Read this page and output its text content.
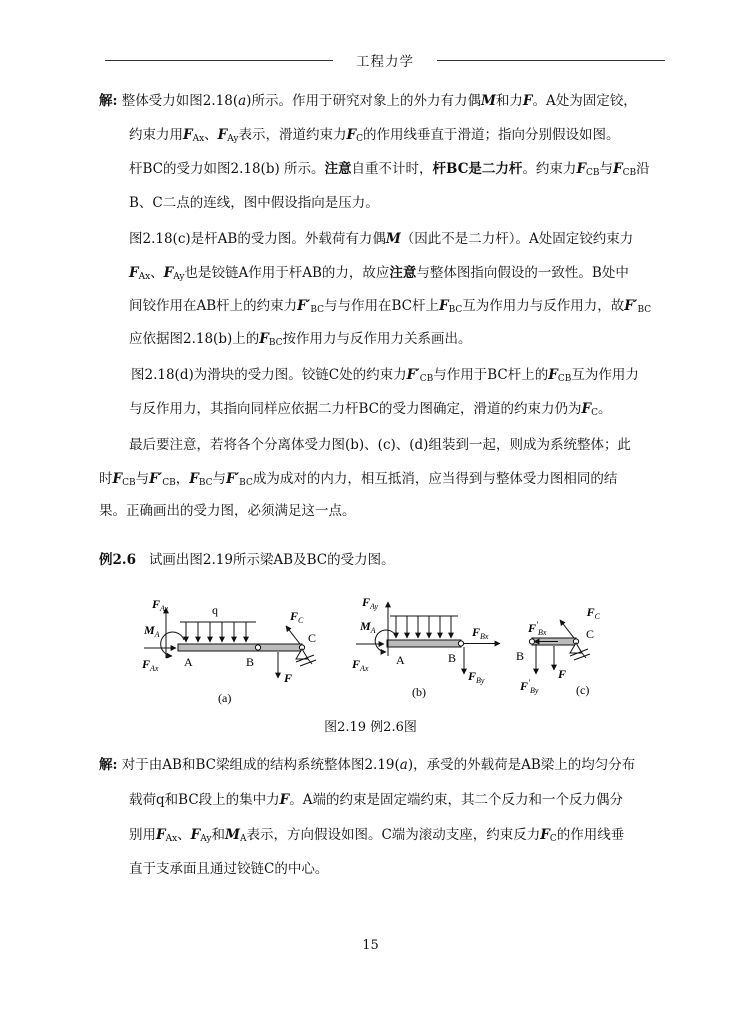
工程力学
解: 整体受力如图2.18(a)所示。作用于研究对象上的外力有力偶M和力F。A处为固定铰，
约束力用$F_{Ax}$、$F_{Ay}$表示，滑道约束力$F_C$的作用线垂直于滑道；指向分别假设如图。
杆BC的受力如图2.18(b) 所示。注意自重不计时，杆BC是二力杆。约束力$F_{CB}$与$F_{CB}$沿
B、C二点的连线，图中假设指向是压力。
图2.18(c)是杆AB的受力图。外载荷有力偶M（因此不是二力杆）。A处固定铰约束力
$F_{Ax}$、$F_{Ay}$也是铰链A作用于杆AB的力，故应注意与整体图指向假设的一致性。B处中
间铰作用在AB杆上的约束力$F'_{BC}$与与作用在BC杆上$F_{BC}$互为作用力与反作用力，故$F'_{BC}$
应依据图2.18(b)上的$F_{BC}$按作用力与反作用力关系画出。
图2.18(d)为滑块的受力图。铰链C处的约束力$F'_{CB}$与作用于BC杆上的$F_{CB}$互为作用力
与反作用力，其指向同样应依据二力杆BC的受力图确定，滑道的约束力仍为$F_C$。
最后要注意，若将各个分离体受力图(b)、(c)、(d)组装到一起，则成为系统整体；此
时$F_{CB}$与$F'_{CB}$，$F_{BC}$与$F'_{BC}$成为成对的内力，相互抵消，应当得到与整体受力图相同的结
果。正确画出的受力图，必须满足这一点。
例2.6 试画出图2.19所示梁AB及BC的受力图。
$F_{Ay}$	q	$F_C$
$M_A$	C
$F_{Ax}$ A	B
F
(a)
$F_{Ay}$
$M_A$	$F_{Bx}$
$F_{Ax}$
A	B
$F_{By}$
(b)
$F'_{Bx}$
$F_C$
C
B
F
$F'_{By}$	(c)
图2.19 例2.6图
解: 对于由AB和BC梁组成的结构系统整体图2.19(a)，承受的外载荷是AB梁上的均匀分布
载荷q和BC段上的集中力F。A端的约束是固定端约束，其二个反力和一个反力偶分
别用$F_{Ax}$、$F_{Ay}$和$M_A$表示，方向假设如图。C端为滚动支座，约束反力$F_C$的作用线垂
直于支承面且通过铰链C的中心。
15
